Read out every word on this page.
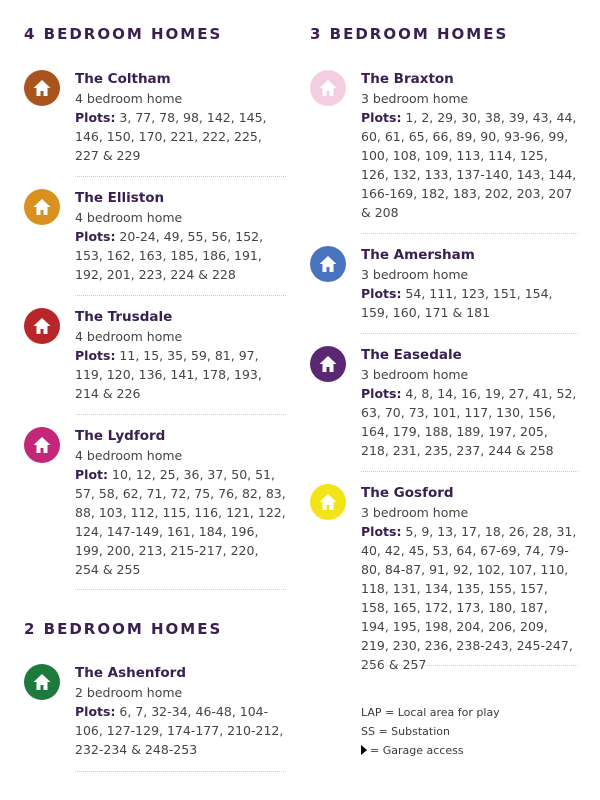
4 BEDROOM HOMES
The Coltham
4 bedroom home
Plots: 3, 77, 78, 98, 142, 145, 146, 150, 170, 221, 222, 225, 227 & 229
The Elliston
4 bedroom home
Plots: 20-24, 49, 55, 56, 152, 153, 162, 163, 185, 186, 191, 192, 201, 223, 224 & 228
The Trusdale
4 bedroom home
Plots: 11, 15, 35, 59, 81, 97, 119, 120, 136, 141, 178, 193, 214 & 226
The Lydford
4 bedroom home
Plot: 10, 12, 25, 36, 37, 50, 51, 57, 58, 62, 71, 72, 75, 76, 82, 83, 88, 103, 112, 115, 116, 121, 122, 124, 147-149, 161, 184, 196, 199, 200, 213, 215-217, 220, 254 & 255
2 BEDROOM HOMES
The Ashenford
2 bedroom home
Plots: 6, 7, 32-34, 46-48, 104-106, 127-129, 174-177, 210-212, 232-234 & 248-253
3 BEDROOM HOMES
The Braxton
3 bedroom home
Plots: 1, 2, 29, 30, 38, 39, 43, 44, 60, 61, 65, 66, 89, 90, 93-96, 99, 100, 108, 109, 113, 114, 125, 126, 132, 133, 137-140, 143, 144, 166-169, 182, 183, 202, 203, 207 & 208
The Amersham
3 bedroom home
Plots: 54, 111, 123, 151, 154, 159, 160, 171 & 181
The Easedale
3 bedroom home
Plots: 4, 8, 14, 16, 19, 27, 41, 52, 63, 70, 73, 101, 117, 130, 156, 164, 179, 188, 189, 197, 205, 218, 231, 235, 237, 244 & 258
The Gosford
3 bedroom home
Plots: 5, 9, 13, 17, 18, 26, 28, 31, 40, 42, 45, 53, 64, 67-69, 74, 79-80, 84-87, 91, 92, 102, 107, 110, 118, 131, 134, 135, 155, 157, 158, 165, 172, 173, 180, 187, 194, 195, 198, 204, 206, 209, 219, 230, 236, 238-243, 245-247, 256 & 257
LAP = Local area for play
SS = Substation
= Garage access
